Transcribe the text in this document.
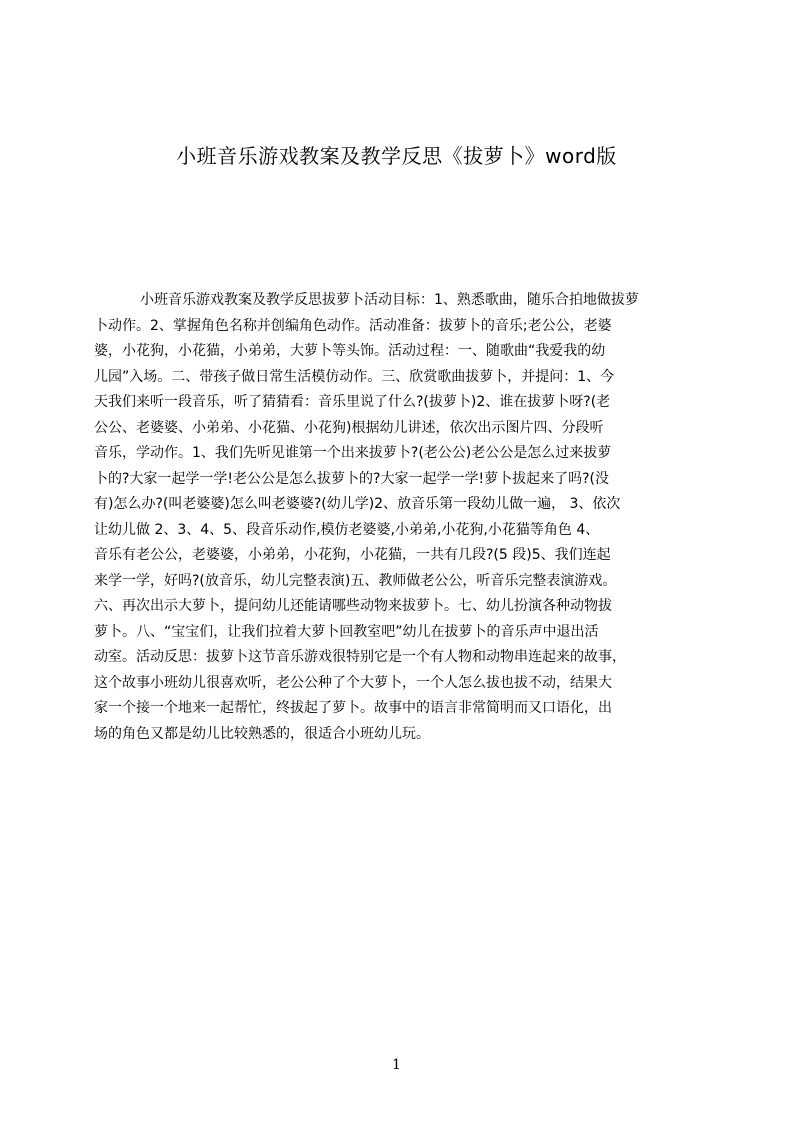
小班音乐游戏教案及教学反思《拔萝卜》word版
小班音乐游戏教案及教学反思拔萝卜活动目标：1、熟悉歌曲，随乐合拍地做拔萝
卜动作。2、掌握角色名称并创编角色动作。活动准备：拔萝卜的音乐;老公公，老婆
婆，小花狗，小花猫，小弟弟，大萝卜等头饰。活动过程：一、随歌曲“我爱我的幼
儿园”入场。二、带孩子做日常生活模仿动作。三、欣赏歌曲拔萝卜，并提问：1、今
天我们来听一段音乐，听了猜猜看：音乐里说了什么?(拔萝卜)2、谁在拔萝卜呀?(老
公公、老婆婆、小弟弟、小花猫、小花狗)根据幼儿讲述，依次出示图片四、分段听
音乐，学动作。1、我们先听见谁第一个出来拔萝卜?(老公公)老公公是怎么过来拔萝
卜的?大家一起学一学!老公公是怎么拔萝卜的?大家一起学一学!萝卜拔起来了吗?(没
有)怎么办?(叫老婆婆)怎么叫老婆婆?(幼儿学)2、放音乐第一段幼儿做一遍， 3、依次
让幼儿做 2、3、4、5、段音乐动作,模仿老婆婆,小弟弟,小花狗,小花猫等角色 4、
音乐有老公公，老婆婆，小弟弟，小花狗，小花猫，一共有几段?(5 段)5、我们连起
来学一学，好吗?(放音乐，幼儿完整表演)五、教师做老公公，听音乐完整表演游戏。
六、再次出示大萝卜，提问幼儿还能请哪些动物来拔萝卜。七、幼儿扮演各种动物拔
萝卜。八、“宝宝们，让我们拉着大萝卜回教室吧”幼儿在拔萝卜的音乐声中退出活
动室。活动反思：拔萝卜这节音乐游戏很特别它是一个有人物和动物串连起来的故事，
这个故事小班幼儿很喜欢听，老公公种了个大萝卜，一个人怎么拔也拔不动，结果大
家一个接一个地来一起帮忙，终拔起了萝卜。故事中的语言非常简明而又口语化，出
场的角色又都是幼儿比较熟悉的，很适合小班幼儿玩。
1
